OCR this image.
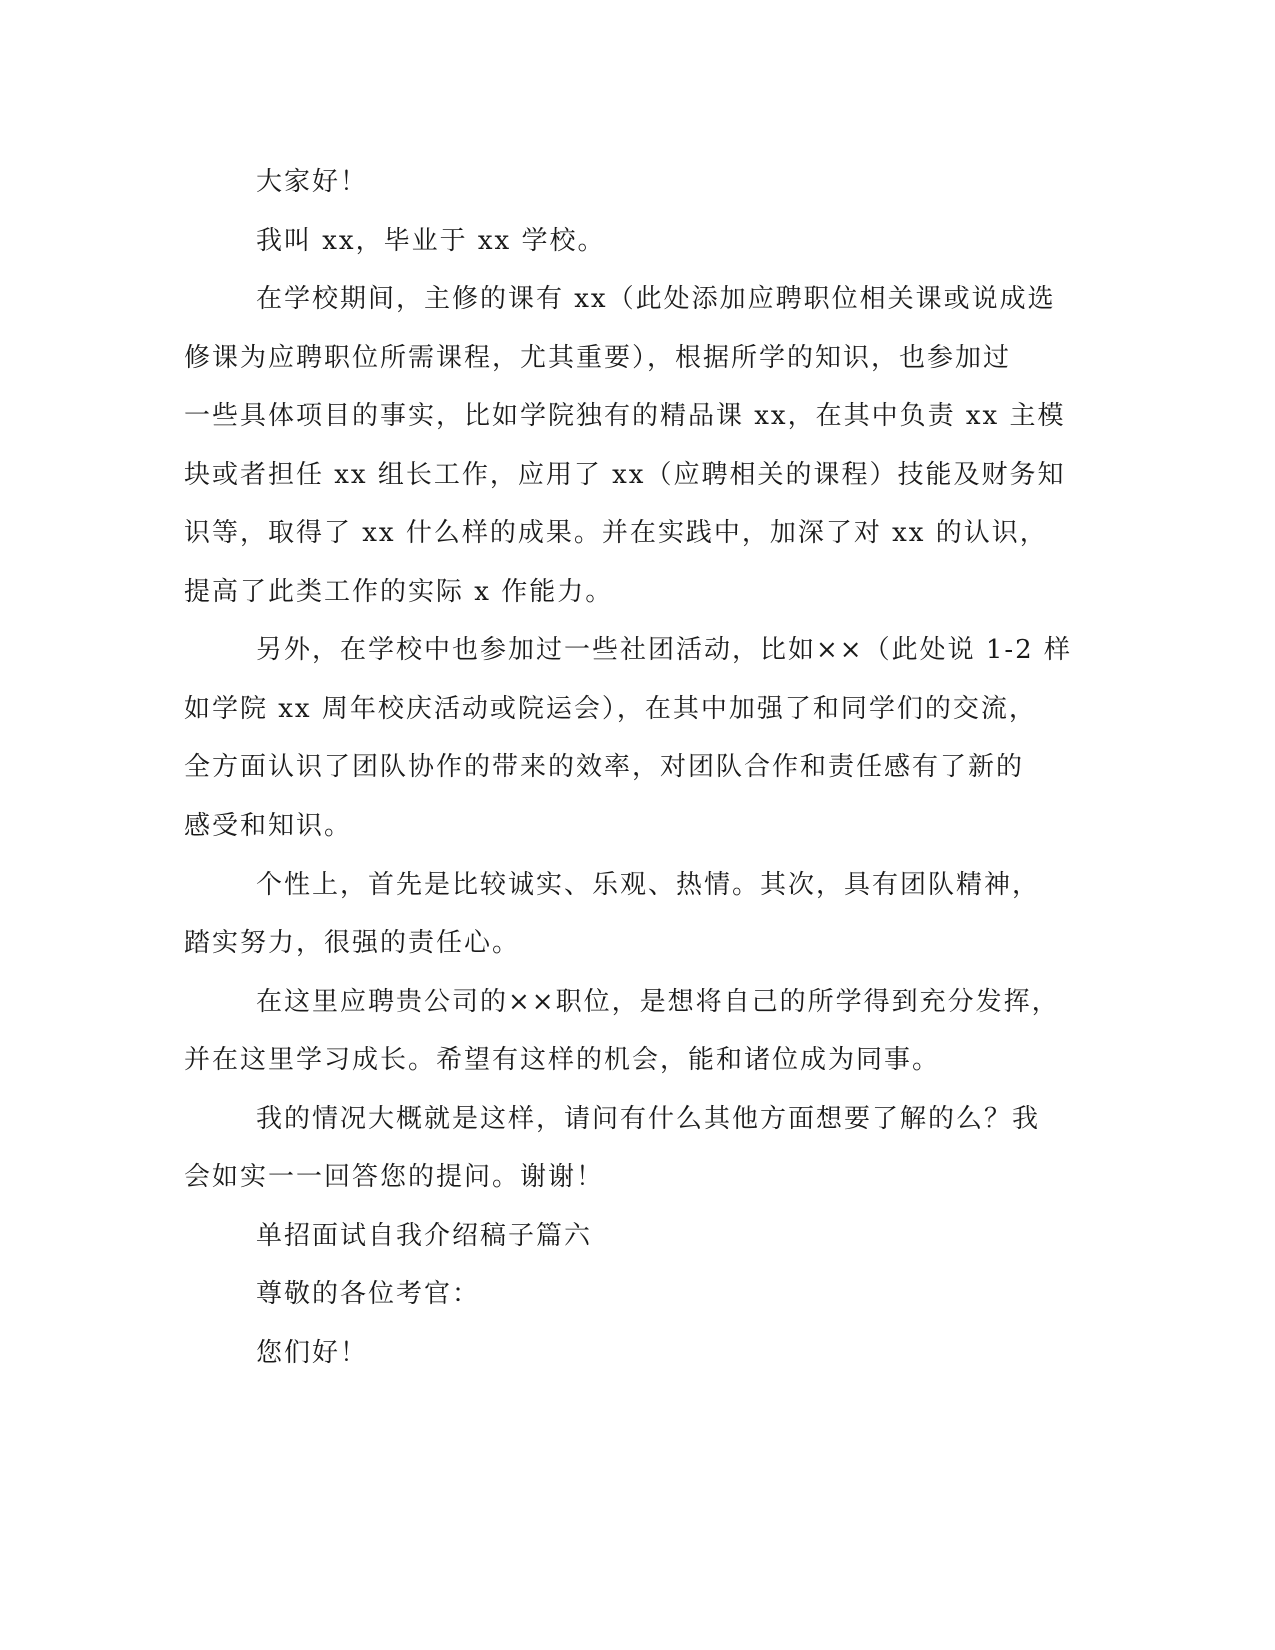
大家好！
我叫 xx，毕业于 xx 学校。
在学校期间，主修的课有 xx（此处添加应聘职位相关课或说成选
修课为应聘职位所需课程，尤其重要），根据所学的知识，也参加过
一些具体项目的事实，比如学院独有的精品课 xx，在其中负责 xx 主模
块或者担任 xx 组长工作，应用了 xx（应聘相关的课程）技能及财务知
识等，取得了 xx 什么样的成果。并在实践中，加深了对 xx 的认识，
提高了此类工作的实际 x 作能力。
另外，在学校中也参加过一些社团活动，比如××（此处说 1-2 样
如学院 xx 周年校庆活动或院运会），在其中加强了和同学们的交流，
全方面认识了团队协作的带来的效率，对团队合作和责任感有了新的
感受和知识。
个性上，首先是比较诚实、乐观、热情。其次，具有团队精神，
踏实努力，很强的责任心。
在这里应聘贵公司的××职位，是想将自己的所学得到充分发挥，
并在这里学习成长。希望有这样的机会，能和诸位成为同事。
我的情况大概就是这样，请问有什么其他方面想要了解的么？我
会如实一一回答您的提问。谢谢！
单招面试自我介绍稿子篇六
尊敬的各位考官：
您们好！
